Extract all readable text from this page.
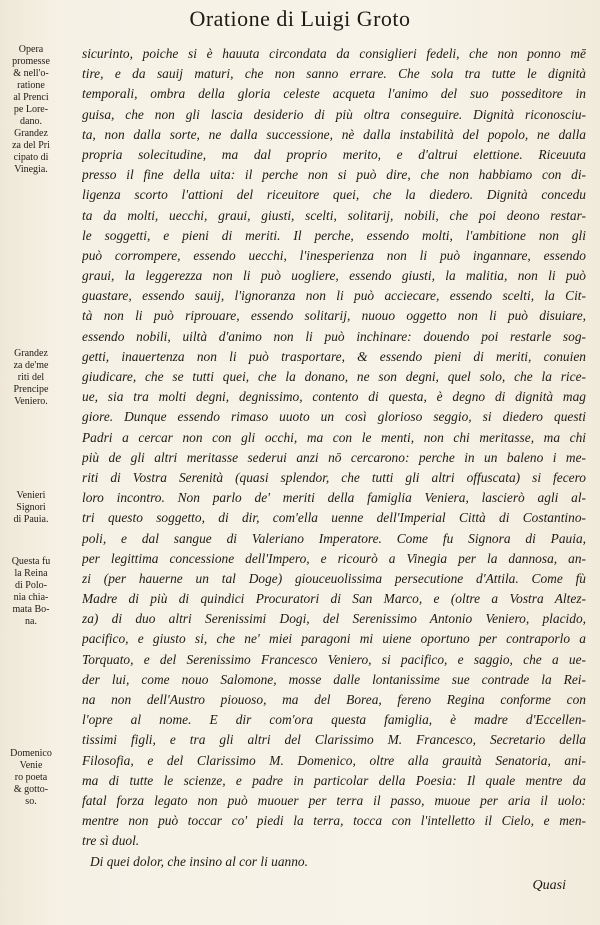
Oratione di Luigi Groto
Opera
promesse
& nell'o-
ratione
al Prenci
pe Lore-
dano.
Grandez
za del Pri
cipato di
Vinegia.
Grandez
za de'me
riti del
Prencipe
Veniero.
Venieri
Signori
di Pauia.
Questa fu
la Reina
di Polo-
nia chia-
mata Bo-
na.
Domenico
Venie
ro poeta
& gotto-
so.
sicurinto, poiche si è hauuta circondata da consiglieri fedeli, che non ponno mē
tire, e da sauij maturi, che non sanno errare. Che sola tra tutte le dignità
temporali, ombra della gloria celeste acqueta l'animo del suo posseditore in
guisa, che non gli lascia desiderio di più oltra conseguire. Dignità riconosciu-
ta, non dalla sorte, ne dalla successione, nè dalla instabilità del popolo, ne dalla
propria solecitudine, ma dal proprio merito, e d'altrui elettione. Riceuuta
presso il fine della uita: il perche non si può dire, che non habbiamo con di-
ligenza scorto l'attioni del riceuitore quei, che la diedero. Dignità concedu
ta da molti, uecchi, graui, giusti, scelti, solitarij, nobili, che poi deono restar-
le soggetti, e pieni di meriti. Il perche, essendo molti, l'ambitione non gli
può corrompere, essendo uecchi, l'inesperienza non li può ingannare, essendo
graui, la leggerezza non li può uogliere, essendo giusti, la malitia, non li può
guastare, essendo sauij, l'ignoranza non li può acciecare, essendo scelti, la Cit-
tà non li può riprouare, essendo solitarij, nuouo oggetto non li può disuiare,
essendo nobili, uiltà d'animo non li può inchinare: douendo poi restarle sog-
getti, inauertenza non li può trasportare, & essendo pieni di meriti, conuien
giudicare, che se tutti quei, che la donano, ne son degni, quel solo, che la rice-
ue, sia tra molti degni, degnissimo, contento di questa, è degno di dignità mag
giore. Dunque essendo rimaso uuoto un così glorioso seggio, si diedero questi
Padri a cercar non con gli occhi, ma con le menti, non chi meritasse, ma chi
più de gli altri meritasse sederui anzi nō cercarono: perche in un baleno i me-
riti di Vostra Serenità (quasi splendor, che tutti gli altri offuscata) si fecero
loro incontro. Non parlo de' meriti della famiglia Veniera, lascierò agli al-
tri questo soggetto, di dir, com'ella uenne dell'Imperial Città di Costantino-
poli, e dal sangue di Valeriano Imperatore. Come fu Signora di Pauia,
per legittima concessione dell'Impero, e ricourò a Vinegia per la dannosa, an-
zi (per hauerne un tal Doge) giouceuolissima persecutione d'Attila. Come fù
Madre di più di quindici Procuratori di San Marco, e (oltre a Vostra Altez-
za) di duo altri Serenissimi Dogi, del Serenissimo Antonio Veniero, placido,
pacifico, e giusto si, che ne' miei paragoni mi uiene oportuno per contraporlo a
Torquato, e del Serenissimo Francesco Veniero, si pacifico, e saggio, che a ue-
der lui, come nouo Salomone, mosse dalle lontanissime sue contrade la Rei-
na non dell'Austro piouoso, ma del Borea, fereno Regina conforme con
l'opre al nome. E dir com'ora questa famiglia, è madre d'Eccellen-
tissimi figli, e tra gli altri del Clarissimo M. Francesco, Secretario della
Filosofia, e del Clarissimo M. Domenico, oltre alla grauità Senatoria, ani-
ma di tutte le scienze, e padre in particolar della Poesia: Il quale mentre da
fatal forza legato non può muouer per terra il passo, muoue per aria il uolo:
mentre non può toccar co' piedi la terra, tocca con l'intelletto il Cielo, e men-
tre sì duol.
Di quei dolor, che insino al cor li uanno.
Quasi
